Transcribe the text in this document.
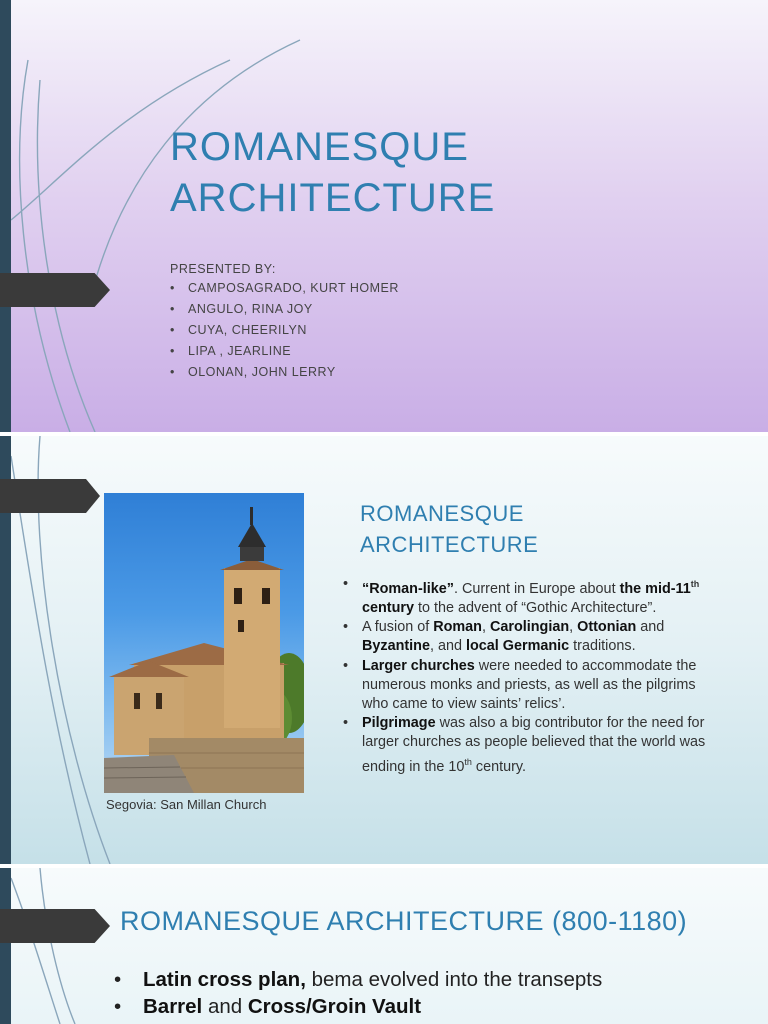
ROMANESQUE
ARCHITECTURE
PRESENTED BY:
• CAMPOSAGRADO, KURT HOMER
• ANGULO, RINA JOY
• CUYA, CHEERILYN
• LIPA , JEARLINE
• OLONAN, JOHN LERRY
Segovia: San Millan Church
ROMANESQUE
ARCHITECTURE
• “Roman-like”. Current in Europe about the mid-11th century to the advent of “Gothic Architecture”.
• A fusion of Roman, Carolingian, Ottonian and Byzantine, and local Germanic traditions.
• Larger churches were needed to accommodate the numerous monks and priests, as well as the pilgrims who came to view saints’ relics’.
• Pilgrimage was also a big contributor for the need for larger churches as people believed that the world was ending in the 10th century.
ROMANESQUE ARCHITECTURE (800-1180)
• Latin cross plan, bema evolved into the transepts
• Barrel and Cross/Groin Vault
